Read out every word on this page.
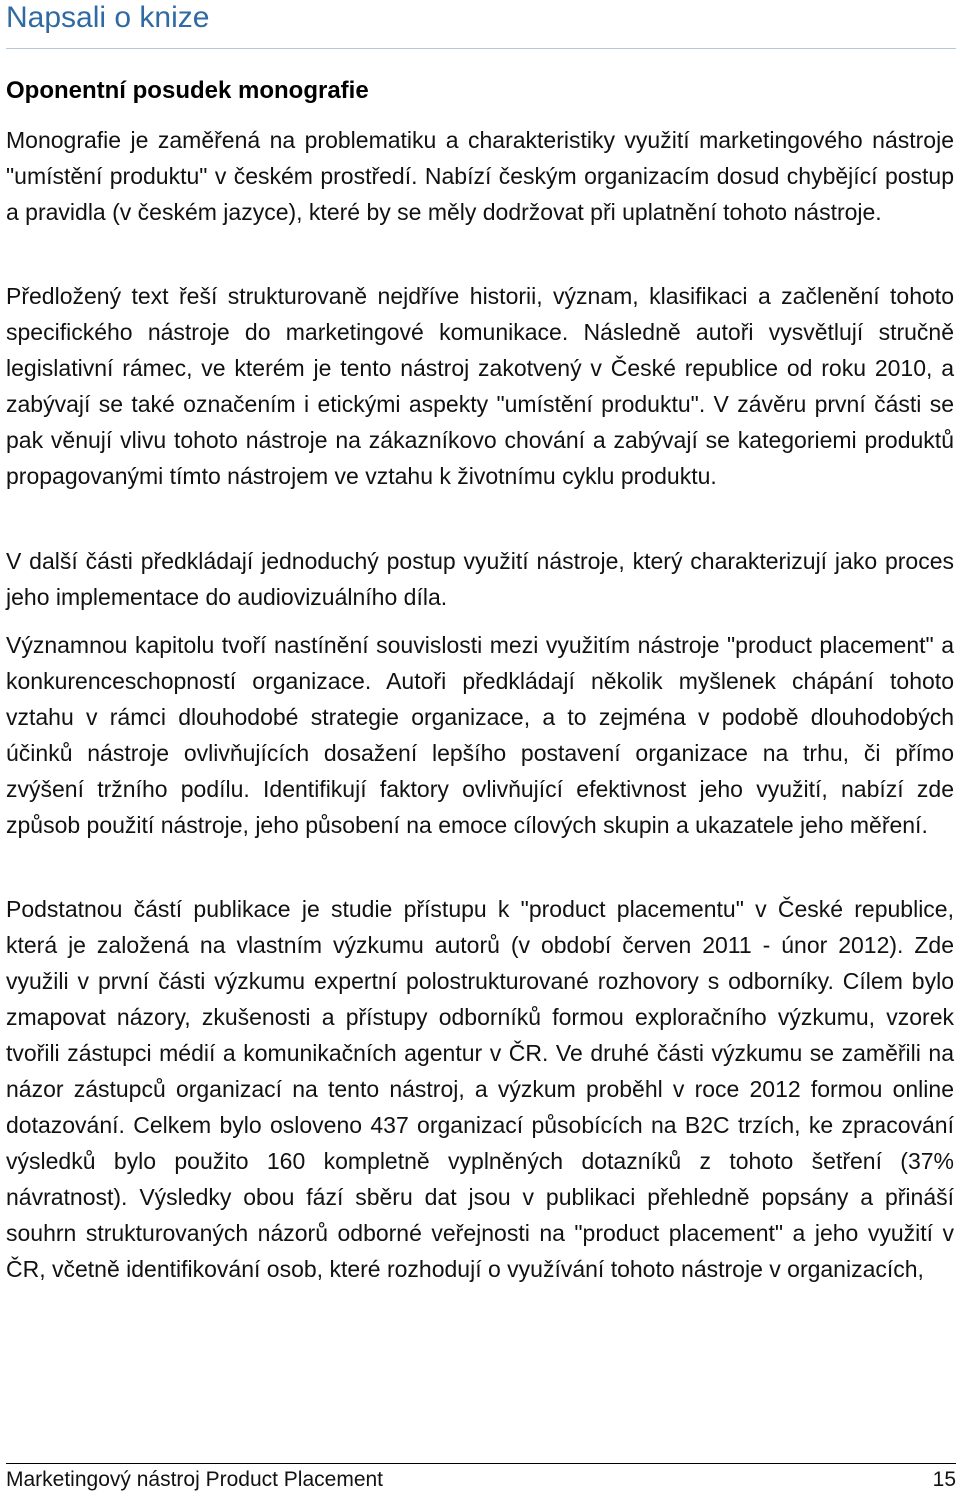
Napsali o knize
Oponentní posudek monografie
Monografie je zaměřená na problematiku a charakteristiky využití marketingového nástroje "umístění produktu" v českém prostředí. Nabízí českým organizacím dosud chybějící postup a pravidla (v českém jazyce), které by se měly dodržovat při uplatnění tohoto nástroje.
Předložený text řeší strukturovaně nejdříve historii, význam, klasifikaci a začlenění tohoto specifického nástroje do marketingové komunikace. Následně autoři vysvětlují stručně legislativní rámec, ve kterém je tento nástroj zakotvený v České republice od roku 2010, a zabývají se také označením i etickými aspekty "umístění produktu". V závěru první části se pak věnují vlivu tohoto nástroje na zákazníkovo chování a zabývají se kategoriemi produktů propagovanými tímto nástrojem ve vztahu k životnímu cyklu produktu.
V další části předkládají jednoduchý postup využití nástroje, který charakterizují jako proces jeho implementace do audiovizuálního díla.
Významnou kapitolu tvoří nastínění souvislosti mezi využitím nástroje "product placement" a konkurenceschopností organizace. Autoři předkládají několik myšlenek chápání tohoto vztahu v rámci dlouhodobé strategie organizace, a to zejména v podobě dlouhodobých účinků nástroje ovlivňujících dosažení lepšího postavení organizace na trhu, či přímo zvýšení tržního podílu. Identifikují faktory ovlivňující efektivnost jeho využití, nabízí zde způsob použití nástroje, jeho působení na emoce cílových skupin a ukazatele jeho měření.
Podstatnou částí publikace je studie přístupu k "product placementu" v České republice, která je založená na vlastním výzkumu autorů (v období červen 2011 - únor 2012). Zde využili v první části výzkumu expertní polostrukturované rozhovory s odborníky. Cílem bylo zmapovat názory, zkušenosti a přístupy odborníků formou exploračního výzkumu, vzorek tvořili zástupci médií a komunikačních agentur v ČR. Ve druhé části výzkumu se zaměřili na názor zástupců organizací na tento nástroj, a výzkum proběhl v roce 2012 formou online dotazování. Celkem bylo osloveno 437 organizací působících na B2C trzích, ke zpracování výsledků bylo použito 160 kompletně vyplněných dotazníků z tohoto šetření (37% návratnost). Výsledky obou fází sběru dat jsou v publikaci přehledně popsány a přináší souhrn strukturovaných názorů odborné veřejnosti na "product placement" a jeho využití v ČR, včetně identifikování osob, které rozhodují o využívání tohoto nástroje v organizacích,
Marketingový nástroj Product Placement	15
